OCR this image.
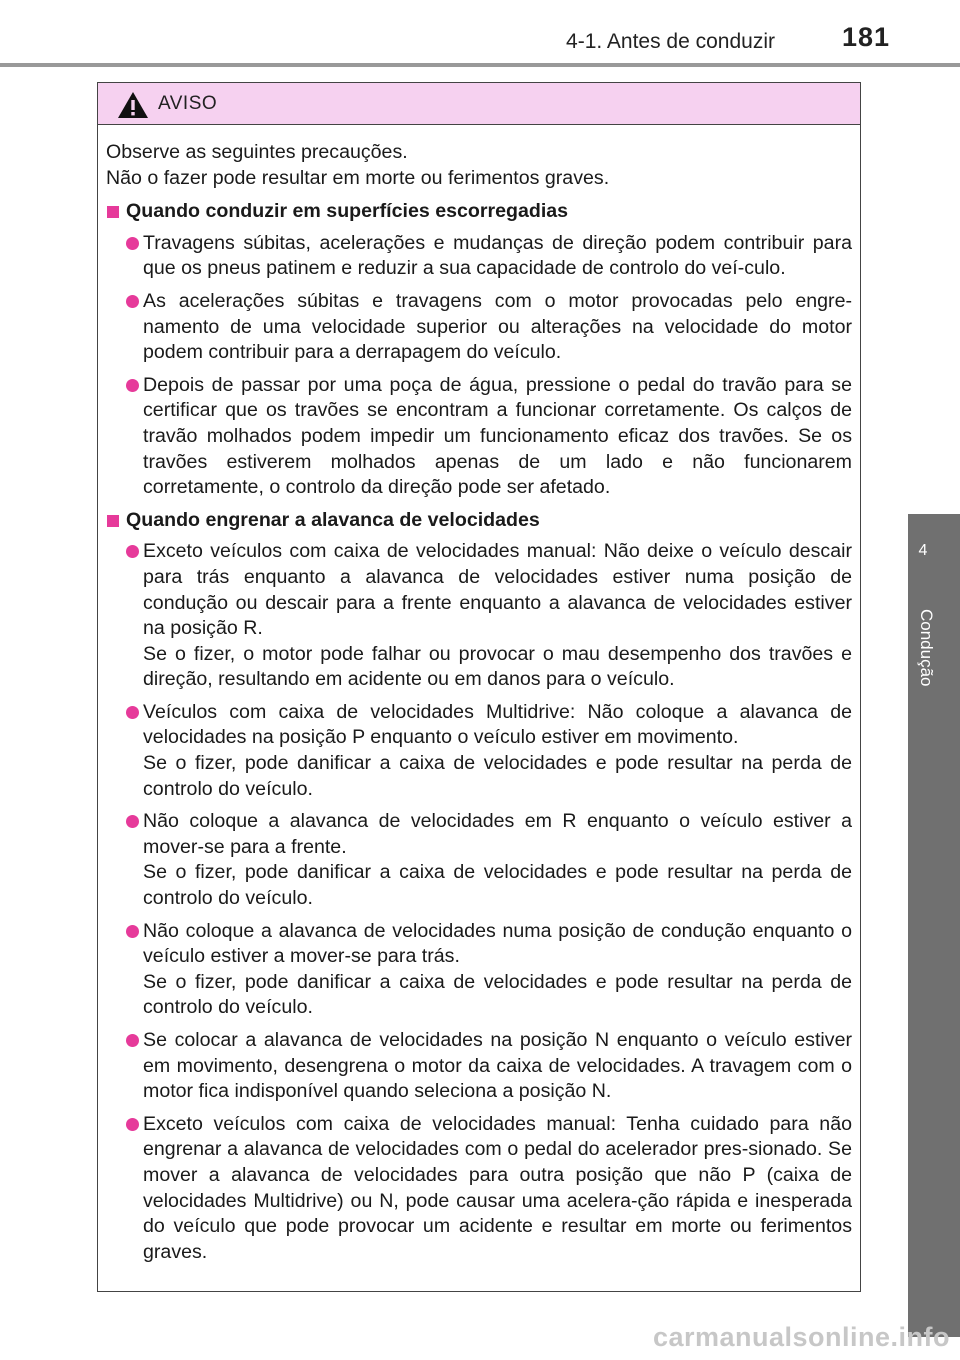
4-1. Antes de conduzir	181
4
Condução
AVISO

Observe as seguintes precauções.
Não o fazer pode resultar em morte ou ferimentos graves.

Quando conduzir em superfícies escorregadias

Travagens súbitas, acelerações e mudanças de direção podem contribuir para que os pneus patinem e reduzir a sua capacidade de controlo do veí-culo.

As acelerações súbitas e travagens com o motor provocadas pelo engre-namento de uma velocidade superior ou alterações na velocidade do motor podem contribuir para a derrapagem do veículo.

Depois de passar por uma poça de água, pressione o pedal do travão para se certificar que os travões se encontram a funcionar corretamente. Os calços de travão molhados podem impedir um funcionamento eficaz dos travões. Se os travões estiverem molhados apenas de um lado e não funcionarem corretamente, o controlo da direção pode ser afetado.

Quando engrenar a alavanca de velocidades

Exceto veículos com caixa de velocidades manual: Não deixe o veículo descair para trás enquanto a alavanca de velocidades estiver numa posição de condução ou descair para a frente enquanto a alavanca de velocidades estiver na posição R.
Se o fizer, o motor pode falhar ou provocar o mau desempenho dos travões e direção, resultando em acidente ou em danos para o veículo.

Veículos com caixa de velocidades Multidrive: Não coloque a alavanca de velocidades na posição P enquanto o veículo estiver em movimento.
Se o fizer, pode danificar a caixa de velocidades e pode resultar na perda de controlo do veículo.

Não coloque a alavanca de velocidades em R enquanto o veículo estiver a mover-se para a frente.
Se o fizer, pode danificar a caixa de velocidades e pode resultar na perda de controlo do veículo.

Não coloque a alavanca de velocidades numa posição de condução enquanto o veículo estiver a mover-se para trás.
Se o fizer, pode danificar a caixa de velocidades e pode resultar na perda de controlo do veículo.

Se colocar a alavanca de velocidades na posição N enquanto o veículo estiver em movimento, desengrena o motor da caixa de velocidades. A travagem com o motor fica indisponível quando seleciona a posição N.

Exceto veículos com caixa de velocidades manual: Tenha cuidado para não engrenar a alavanca de velocidades com o pedal do acelerador pres-sionado. Se mover a alavanca de velocidades para outra posição que não P (caixa de velocidades Multidrive) ou N, pode causar uma acelera-ção rápida e inesperada do veículo que pode provocar um acidente e resultar em morte ou ferimentos graves.

carmanualsonline.info
